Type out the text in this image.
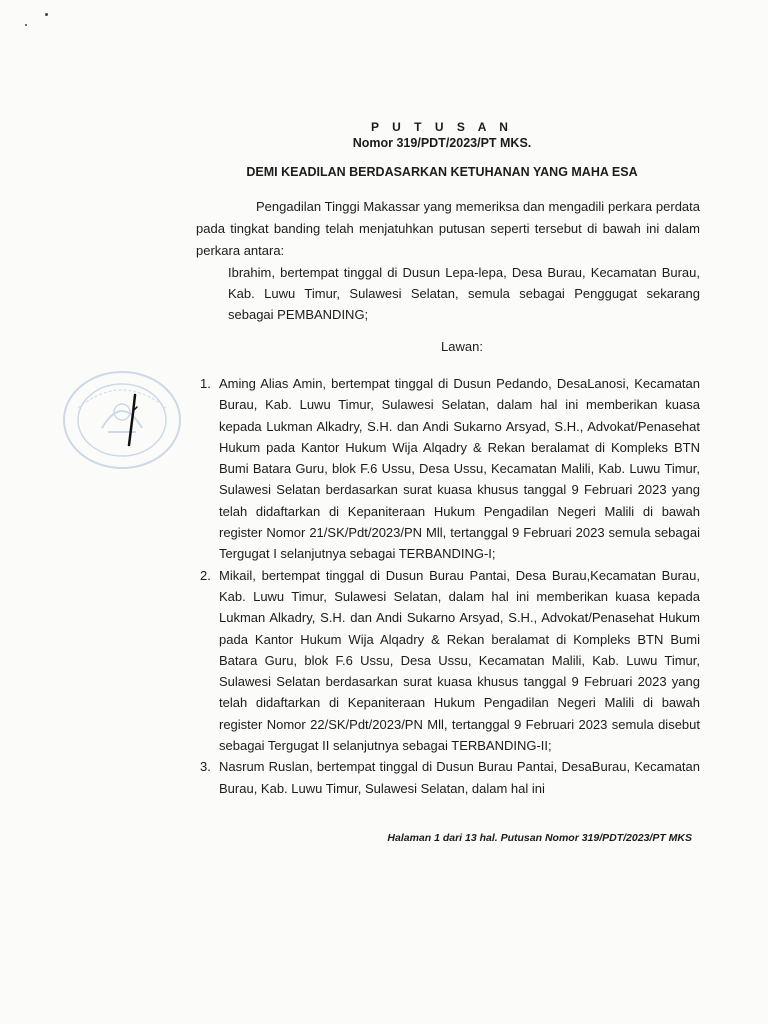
P U T U S A N
Nomor 319/PDT/2023/PT MKS.
DEMI KEADILAN BERDASARKAN KETUHANAN YANG MAHA ESA
Pengadilan Tinggi Makassar yang memeriksa dan mengadili perkara perdata pada tingkat banding telah menjatuhkan putusan seperti tersebut di bawah ini dalam perkara antara:
Ibrahim, bertempat tinggal di Dusun Lepa-lepa, Desa Burau, Kecamatan Burau, Kab. Luwu Timur, Sulawesi Selatan, semula sebagai Penggugat sekarang sebagai PEMBANDING;
Lawan:
1. Aming Alias Amin, bertempat tinggal di Dusun Pedando, DesaLanosi, Kecamatan Burau, Kab. Luwu Timur, Sulawesi Selatan, dalam hal ini memberikan kuasa kepada Lukman Alkadry, S.H. dan Andi Sukarno Arsyad, S.H., Advokat/Penasehat Hukum pada Kantor Hukum Wija Alqadry & Rekan beralamat di Kompleks BTN Bumi Batara Guru, blok F.6 Ussu, Desa Ussu, Kecamatan Malili, Kab. Luwu Timur, Sulawesi Selatan berdasarkan surat kuasa khusus tanggal 9 Februari 2023 yang telah didaftarkan di Kepaniteraan Hukum Pengadilan Negeri Malili di bawah register Nomor 21/SK/Pdt/2023/PN Mll, tertanggal 9 Februari 2023 semula sebagai Tergugat I selanjutnya sebagai TERBANDING-I;
2. Mikail, bertempat tinggal di Dusun Burau Pantai, Desa Burau,Kecamatan Burau, Kab. Luwu Timur, Sulawesi Selatan, dalam hal ini memberikan kuasa kepada Lukman Alkadry, S.H. dan Andi Sukarno Arsyad, S.H., Advokat/Penasehat Hukum pada Kantor Hukum Wija Alqadry & Rekan beralamat di Kompleks BTN Bumi Batara Guru, blok F.6 Ussu, Desa Ussu, Kecamatan Malili, Kab. Luwu Timur, Sulawesi Selatan berdasarkan surat kuasa khusus tanggal 9 Februari 2023 yang telah didaftarkan di Kepaniteraan Hukum Pengadilan Negeri Malili di bawah register Nomor 22/SK/Pdt/2023/PN Mll, tertanggal 9 Februari 2023 semula disebut sebagai Tergugat II selanjutnya sebagai TERBANDING-II;
3. Nasrum Ruslan, bertempat tinggal di Dusun Burau Pantai, DesaBurau, Kecamatan Burau, Kab. Luwu Timur, Sulawesi Selatan, dalam hal ini
Halaman 1 dari 13 hal. Putusan Nomor 319/PDT/2023/PT MKS
